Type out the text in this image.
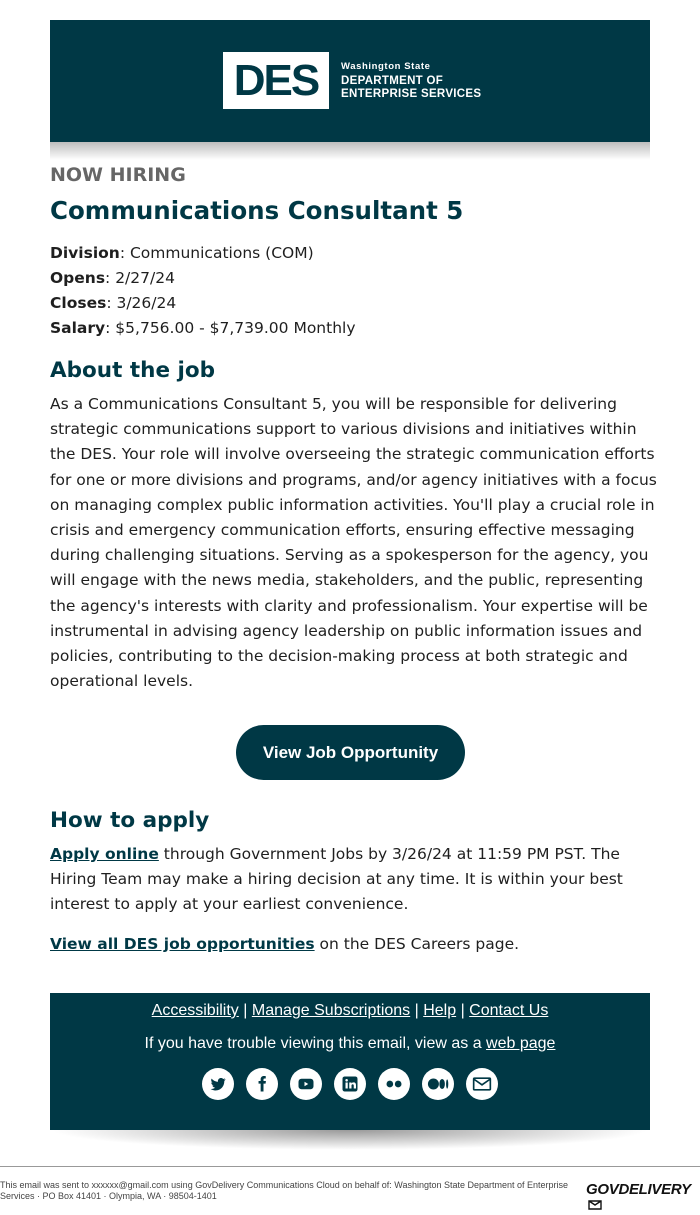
DES	Washington State
DEPARTMENT OF
ENTERPRISE SERVICES
NOW HIRING
Communications Consultant 5
Division: Communications (COM)
Opens: 2/27/24
Closes: 3/26/24
Salary: $5,756.00 - $7,739.00 Monthly
About the job

As a Communications Consultant 5, you will be responsible for delivering strategic communications support to various divisions and initiatives within the DES. Your role will involve overseeing the strategic communication efforts for one or more divisions and programs, and/or agency initiatives with a focus on managing complex public information activities. You'll play a crucial role in crisis and emergency communication efforts, ensuring effective messaging during challenging situations. Serving as a spokesperson for the agency, you will engage with the news media, stakeholders, and the public, representing the agency's interests with clarity and professionalism. Your expertise will be instrumental in advising agency leadership on public information issues and policies, contributing to the decision-making process at both strategic and operational levels.

View Job Opportunity
How to apply

Apply online through Government Jobs by 3/26/24 at 11:59 PM PST. The Hiring Team may make a hiring decision at any time. It is within your best interest to apply at your earliest convenience.

View all DES job opportunities on the DES Careers page.

Accessibility | Manage Subscriptions | Help | Contact Us
If you have trouble viewing this email, view as a web page
This email was sent to xxxxxx@gmail.com using GovDelivery Communications Cloud on behalf of: Washington State Department of Enterprise Services · PO Box 41401 · Olympia, WA · 98504-1401	GOVDELIVERY
